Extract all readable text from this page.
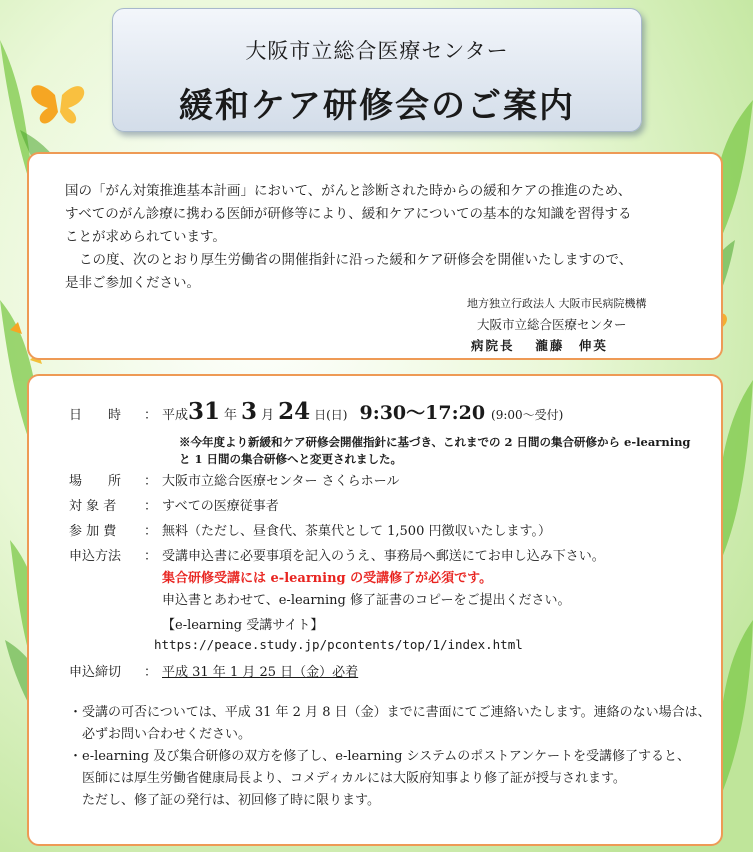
大阪市立総合医療センター
緩和ケア研修会のご案内

国の「がん対策推進基本計画」において、がんと診断された時からの緩和ケアの推進のため、

すべてのがん診療に携わる医師が研修等により、緩和ケアについての基本的な知識を習得する

ことが求められています。

この度、次のとおり厚生労働省の開催指針に沿った緩和ケア研修会を開催いたしますので、

是非ご参加ください。

地方独立行政法人 大阪市民病院機構
大阪市立総合医療センター
病院長　 瀧藤　伸英
日　　時	： 平成 31 年 3 月 24 日(日) 9:30〜17:20 (9:00〜受付)
※今年度より新緩和ケア研修会開催指針に基づき、これまでの 2 日間の集合研修から e-learning
と 1 日間の集合研修へと変更されました。
場　　所	： 大阪市立総合医療センター さくらホール
対 象 者	： すべての医療従事者
参 加 費	： 無料（ただし、昼食代、茶菓代として 1,500 円徴収いたします。）
申込方法	： 受講申込書に必要事項を記入のうえ、事務局へ郵送にてお申し込み下さい。
集合研修受講には e-learning の受講修了が必須です。
申込書とあわせて、e-learning 修了証書のコピーをご提出ください。
【e-learning 受講サイト】
https://peace.study.jp/pcontents/top/1/index.html
申込締切	： 平成 31 年 1 月 25 日（金）必着
・受講の可否については、平成 31 年 2 月 8 日（金）までに書面にてご連絡いたします。連絡のない場合は、
　必ずお問い合わせください。
・e-learning 及び集合研修の双方を修了し、e-learning システムのポストアンケートを受講修了すると、
　医師には厚生労働省健康局長より、コメディカルには大阪府知事より修了証が授与されます。
　ただし、修了証の発行は、初回修了時に限ります。
